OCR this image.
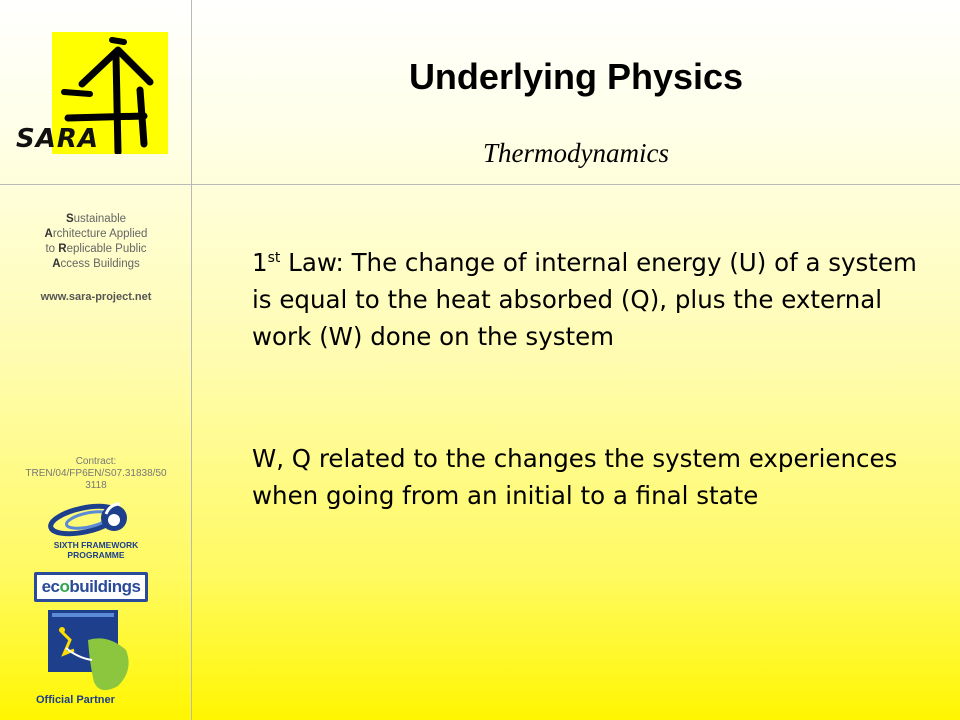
SARA
Sustainable
Architecture Applied
to Replicable Public
Access Buildings
www.sara-project.net
Contract:
TREN/04/FP6EN/S07.31838/50
3118
SIXTH FRAMEWORK
PROGRAMME
ecobuildings
Official Partner
Underlying Physics
Thermodynamics
1st Law: The change of internal energy (U) of a system is equal to the heat absorbed (Q), plus the external work (W) done on the system
W, Q related to the changes the system experiences when going from an initial to a final state
